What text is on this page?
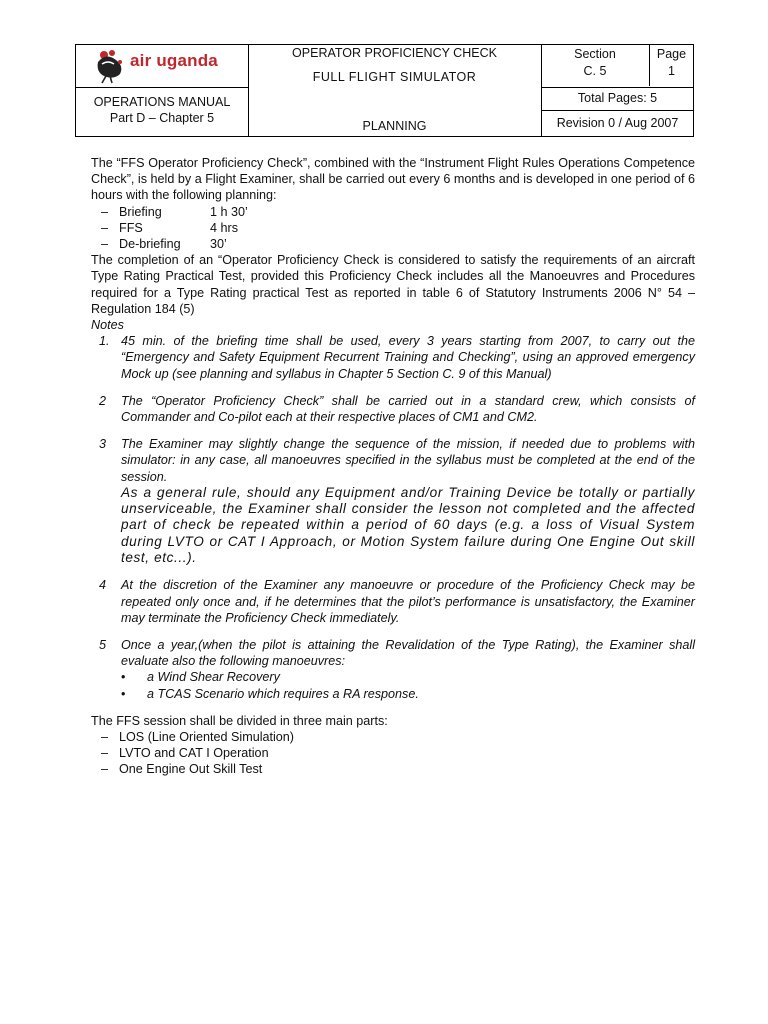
air uganda
OPERATIONS MANUAL
Part D – Chapter 5
OPERATOR PROFICIENCY CHECK
FULL FLIGHT SIMULATOR
PLANNING
Section
C. 5
Page
1
Total Pages: 5
Revision 0 / Aug 2007

The “FFS Operator Proficiency Check”, combined with the “Instrument Flight Rules Operations Competence Check”, is held by a Flight Examiner, shall be carried out every 6 months and is developed in one period of 6 hours with the following planning:

– Briefing	1 h 30’
– FFS	4 hrs
– De-briefing	30’

The completion of an “Operator Proficiency Check is considered to satisfy the requirements of an aircraft Type Rating Practical Test, provided this Proficiency Check includes all the Manoeuvres and Procedures required for a Type Rating practical Test as reported in table 6 of Statutory Instruments 2006 N° 54 – Regulation 184 (5)

Notes

1. 45 min. of the briefing time shall be used, every 3 years starting from 2007, to carry out the “Emergency and Safety Equipment Recurrent Training and Checking”, using an approved emergency Mock up (see planning and syllabus in Chapter 5 Section C. 9 of this Manual)

2 The “Operator Proficiency Check” shall be carried out in a standard crew, which consists of Commander and Co-pilot each at their respective places of CM1 and CM2.

3 The Examiner may slightly change the sequence of the mission, if needed due to problems with simulator: in any case, all manoeuvres specified in the syllabus must be completed at the end of the session.

As a general rule, should any Equipment and/or Training Device be totally or partially unserviceable, the Examiner shall consider the lesson not completed and the affected part of check be repeated within a period of 60 days (e.g. a loss of Visual System during LVTO or CAT I Approach, or Motion System failure during One Engine Out skill test, etc...).

4 At the discretion of the Examiner any manoeuvre or procedure of the Proficiency Check may be repeated only once and, if he determines that the pilot’s performance is unsatisfactory, the Examiner may terminate the Proficiency Check immediately.

5 Once a year,(when the pilot is attaining the Revalidation of the Type Rating), the Examiner shall evaluate also the following manoeuvres:

• a Wind Shear Recovery
• a TCAS Scenario which requires a RA response.

The FFS session shall be divided in three main parts:

– LOS (Line Oriented Simulation)
– LVTO and CAT I Operation
– One Engine Out Skill Test
